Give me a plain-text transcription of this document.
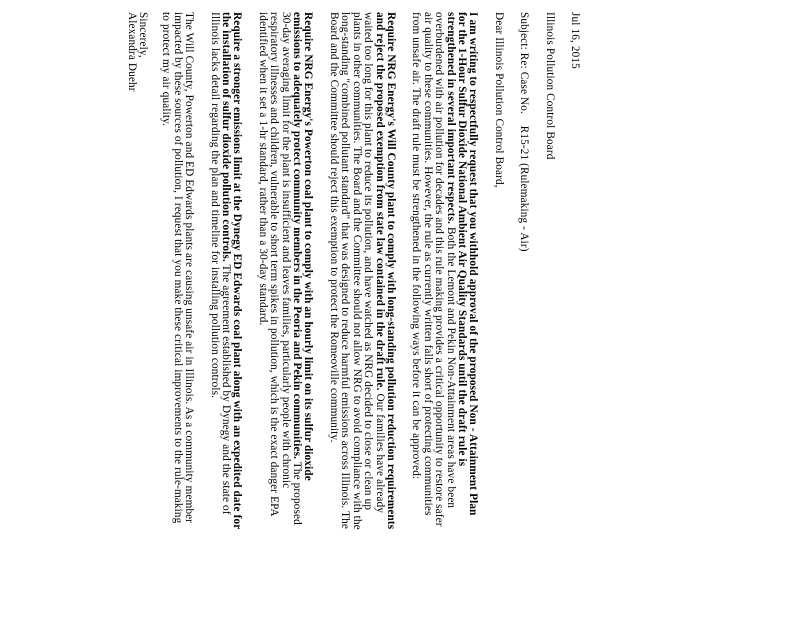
Jul 16, 2015

Illinois Pollution Control Board

Subject: Re: Case No.    R15-21 (Rulemaking - Air)

Dear Illinois Pollution Control Board,

I am writing to respectfully request that you withhold approval of the proposed Non - Attainment Plan for the 1-Hour Sulfur Dioxide National Ambient Air Quality Standards until the draft rule is strengthened in several important respects. Both the Lemont and Pekin Non-Attainment areas have been overburdened with air pollution for decades and this rule making provides a critical opportunity to restore safer air quality to these communities. However, the rule as currently written falls short of protecting communities from unsafe air. The draft rule must be strengthened in the following ways before it can be approved:

Require NRG Energy's Will County plant to comply with long-standing pollution reduction requirements and reject the proposed exemption from state law contained in the draft rule. Our families have already waited too long for this plant to reduce its pollution, and have watched as NRG decided to close or clean up plants in other communities. The Board and the Committee should not allow NRG to avoid compliance with the long-standing "combined pollutant standard" that was designed to reduce harmful emissions across Illinois. The Board and the Committee should reject this exemption to protect the Romeoville community.

Require NRG Energy's Powerton coal plant to comply with an hourly limit on its sulfur dioxide emissions to adequately protect community members in the Peoria and Pekin communities. The proposed 30-day averaging limit for the plant is insufficient and leaves families, particularly people with chronic respiratory illnesses and children, vulnerable to short term spikes in pollution, which is the exact danger EPA identified when it set a 1-hr standard, rather than a 30-day standard.

Require a stronger emissions limit at the Dynegy ED Edwards coal plant along with an expedited date for the installation of sulfur dioxide pollution controls. The agreement established by Dynegy and the state of Illinois lacks detail regarding the plan and timeline for installing pollution controls.

The Will County, Powerton and ED Edwards plants are causing unsafe air in Illinois. As a community member impacted by these sources of pollution, I request that you make these critical improvements to the rule-making to protect my air quality.

Sincerely,

Alexandra Duehr
